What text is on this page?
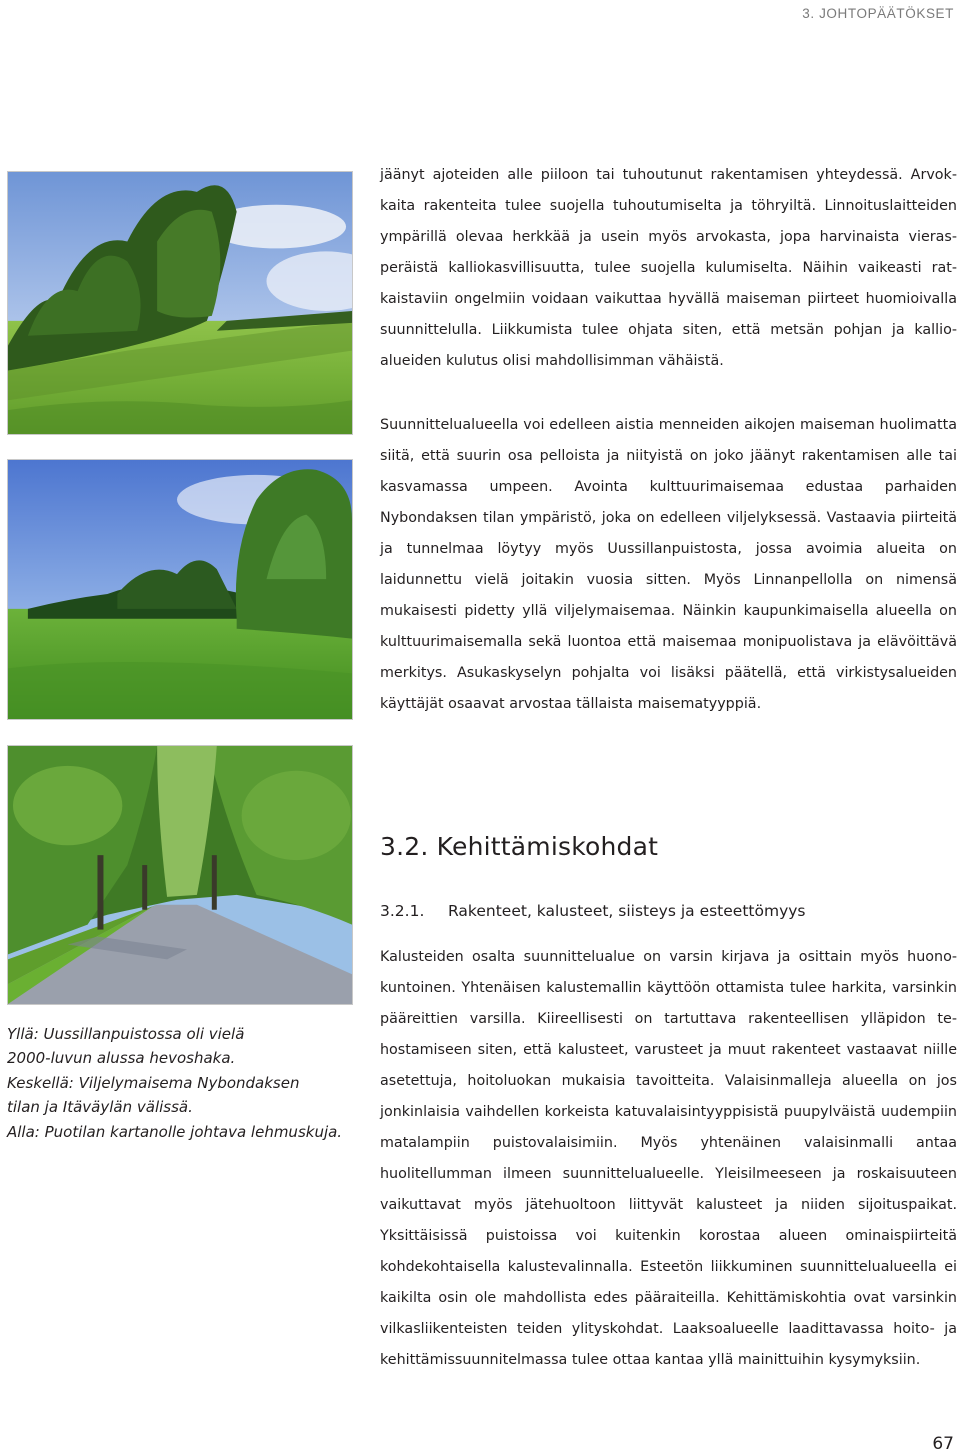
3. JOHTOPÄÄTÖKSET
Yllä: Uussillanpuistossa oli vielä
2000-luvun alussa hevoshaka.
Keskellä: Viljelymaisema Nybondaksen
tilan ja Itäväylän välissä.
Alla: Puotilan kartanolle johtava lehmuskuja.
jäänyt ajoteiden alle piiloon tai tuhoutunut rakentamisen yhteydessä. Arvokkaita rakenteita tulee suojella tuhoutumiselta ja töhryiltä. Linnoituslaitteiden ympärillä olevaa herkkää ja usein myös arvokasta, jopa harvinaista vierasperäistä kalliokasvillisuutta, tulee suojella kulumiselta. Näihin vaikeasti ratkaistaviin ongelmiin voidaan vaikuttaa hyvällä maiseman piirteet huomioivalla suunnittelulla. Liikkumista tulee ohjata siten, että metsän pohjan ja kallioalueiden kulutus olisi mahdollisimman vähäistä.
Suunnittelualueella voi edelleen aistia menneiden aikojen maiseman huolimatta siitä, että suurin osa pelloista ja niityistä on joko jäänyt rakentamisen alle tai kasvamassa umpeen. Avointa kulttuurimaisemaa edustaa parhaiden Nybondaksen tilan ympäristö, joka on edelleen viljelyksessä. Vastaavia piirteitä ja tunnelmaa löytyy myös Uussillanpuistosta, jossa avoimia alueita on laidunnettu vielä joitakin vuosia sitten. Myös Linnanpellolla on nimensä mukaisesti pidetty yllä viljelymaisemaa. Näinkin kaupunkimaisella alueella on kulttuurimaisemalla sekä luontoa että maisemaa monipuolistava ja elävöittävä merkitys. Asukaskyselyn pohjalta voi lisäksi päätellä, että virkistysalueiden käyttäjät osaavat arvostaa tällaista maisematyyppiä.
3.2. Kehittämiskohdat
3.2.1. Rakenteet, kalusteet, siisteys ja esteettömyys
Kalusteiden osalta suunnittelualue on varsin kirjava ja osittain myös huonokuntoinen. Yhtenäisen kalustemallin käyttöön ottamista tulee harkita, varsinkin pääreittien varsilla. Kiireellisesti on tartuttava rakenteellisen ylläpidon tehostamiseen siten, että kalusteet, varusteet ja muut rakenteet vastaavat niille asetettuja, hoitoluokan mukaisia tavoitteita. Valaisinmalleja alueella on jos jonkinlaisia vaihdellen korkeista katuvalaisintyyppisistä puupylväistä uudempiin matalampiin puistovalaisimiin. Myös yhtenäinen valaisinmalli antaa huolitellumman ilmeen suunnittelualueelle. Yleisilmeeseen ja roskaisuuteen vaikuttavat myös jätehuoltoon liittyvät kalusteet ja niiden sijoituspaikat. Yksittäisissä puistoissa voi kuitenkin korostaa alueen ominaispiirteitä kohdekohtaisella kalustevalinnalla. Esteetön liikkuminen suunnittelualueella ei kaikilta osin ole mahdollista edes pääraiteilla. Kehittämiskohtia ovat varsinkin vilkasliikenteisten teiden ylityskohdat. Laaksoalueelle laadittavassa hoito- ja kehittämissuunnitelmassa tulee ottaa kantaa yllä mainittuihin kysymyksiin.
67
